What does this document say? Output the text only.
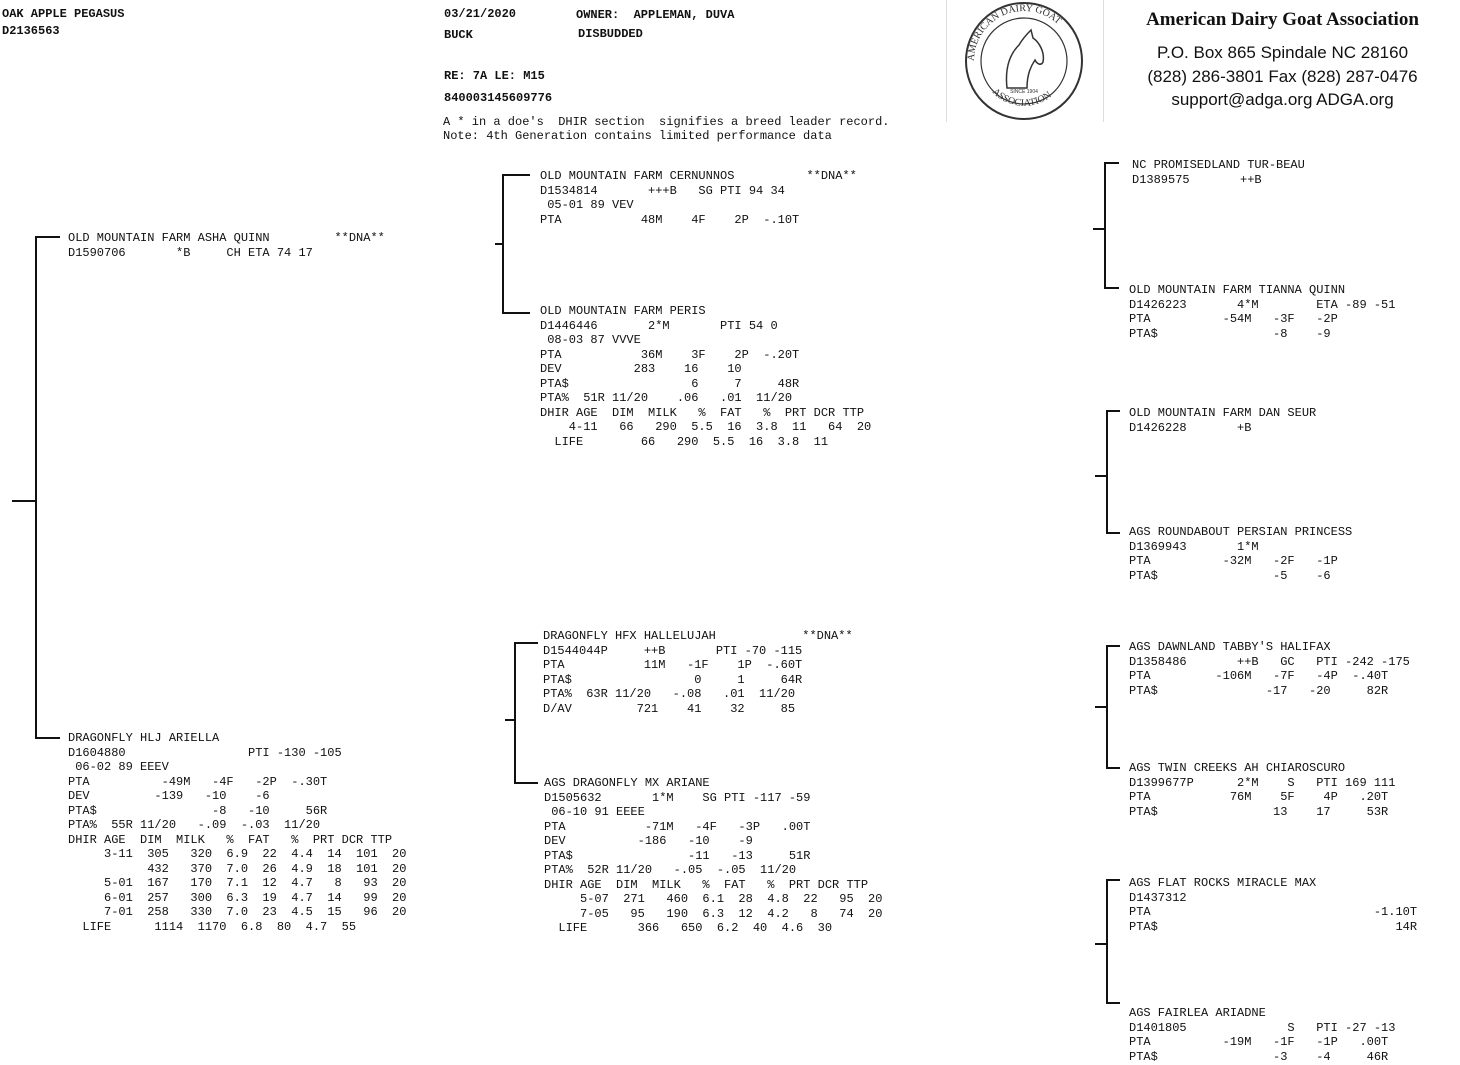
OAK APPLE PEGASUS
D2136563
03/21/2020	OWNER:  APPLEMAN, DUVA
BUCK	DISBUDDED
RE: 7A LE: M15
840003145609776
A * in a doe's  DHIR section  signifies a breed leader record.
Note: 4th Generation contains limited performance data
AMERICAN DAIRY GOAT
ASSOCIATION
SINCE 1904
American Dairy Goat Association
P.O. Box 865 Spindale NC 28160
(828) 286-3801 Fax (828) 287-0476
support@adga.org ADGA.org
OLD MOUNTAIN FARM ASHA QUINN         **DNA**
D1590706       *B     CH ETA 74 17
DRAGONFLY HLJ ARIELLA
D1604880                 PTI -130 -105
06-02 89 EEEV
PTA          -49M   -4F   -2P  -.30T
DEV         -139   -10    -6
PTA$                -8   -10     56R
PTA%  55R 11/20   -.09  -.03  11/20
DHIR AGE  DIM  MILK   %  FAT   %  PRT DCR TTP
3-11  305   320  6.9  22  4.4  14  101  20
432   370  7.0  26  4.9  18  101  20
5-01  167   170  7.1  12  4.7   8   93  20
6-01  257   300  6.3  19  4.7  14   99  20
7-01  258   330  7.0  23  4.5  15   96  20
LIFE      1114  1170  6.8  80  4.7  55
OLD MOUNTAIN FARM CERNUNNOS          **DNA**
D1534814       +++B   SG PTI 94 34
05-01 89 VEV
PTA           48M    4F    2P  -.10T
OLD MOUNTAIN FARM PERIS
D1446446       2*M       PTI 54 0
08-03 87 VVVE
PTA           36M    3F    2P  -.20T
DEV          283    16    10
PTA$                 6     7     48R
PTA%  51R 11/20    .06   .01  11/20
DHIR AGE  DIM  MILK   %  FAT   %  PRT DCR TTP
4-11   66   290  5.5  16  3.8  11   64  20
LIFE        66   290  5.5  16  3.8  11
DRAGONFLY HFX HALLELUJAH            **DNA**
D1544044P     ++B       PTI -70 -115
PTA           11M   -1F    1P  -.60T
PTA$                 0     1     64R
PTA%  63R 11/20   -.08   .01  11/20
D/AV         721    41    32     85
AGS DRAGONFLY MX ARIANE
D1505632       1*M    SG PTI -117 -59
06-10 91 EEEE
PTA           -71M   -4F   -3P   .00T
DEV          -186   -10    -9
PTA$                -11   -13     51R
PTA%  52R 11/20   -.05  -.05  11/20
DHIR AGE  DIM  MILK   %  FAT   %  PRT DCR TTP
5-07  271   460  6.1  28  4.8  22   95  20
7-05   95   190  6.3  12  4.2   8   74  20
LIFE       366   650  6.2  40  4.6  30
NC PROMISEDLAND TUR-BEAU
D1389575       ++B
OLD MOUNTAIN FARM TIANNA QUINN
D1426223       4*M        ETA -89 -51
PTA          -54M   -3F   -2P
PTA$                -8    -9
OLD MOUNTAIN FARM DAN SEUR
D1426228       +B
AGS ROUNDABOUT PERSIAN PRINCESS
D1369943       1*M
PTA          -32M   -2F   -1P
PTA$                -5    -6
AGS DAWNLAND TABBY'S HALIFAX
D1358486       ++B   GC   PTI -242 -175
PTA         -106M   -7F   -4P  -.40T
PTA$               -17   -20     82R
AGS TWIN CREEKS AH CHIAROSCURO
D1399677P      2*M    S   PTI 169 111
PTA           76M    5F    4P   .20T
PTA$                13    17     53R
AGS FLAT ROCKS MIRACLE MAX
D1437312
PTA                               -1.10T
PTA$                                 14R
AGS FAIRLEA ARIADNE
D1401805              S   PTI -27 -13
PTA          -19M   -1F   -1P   .00T
PTA$                -3    -4     46R
